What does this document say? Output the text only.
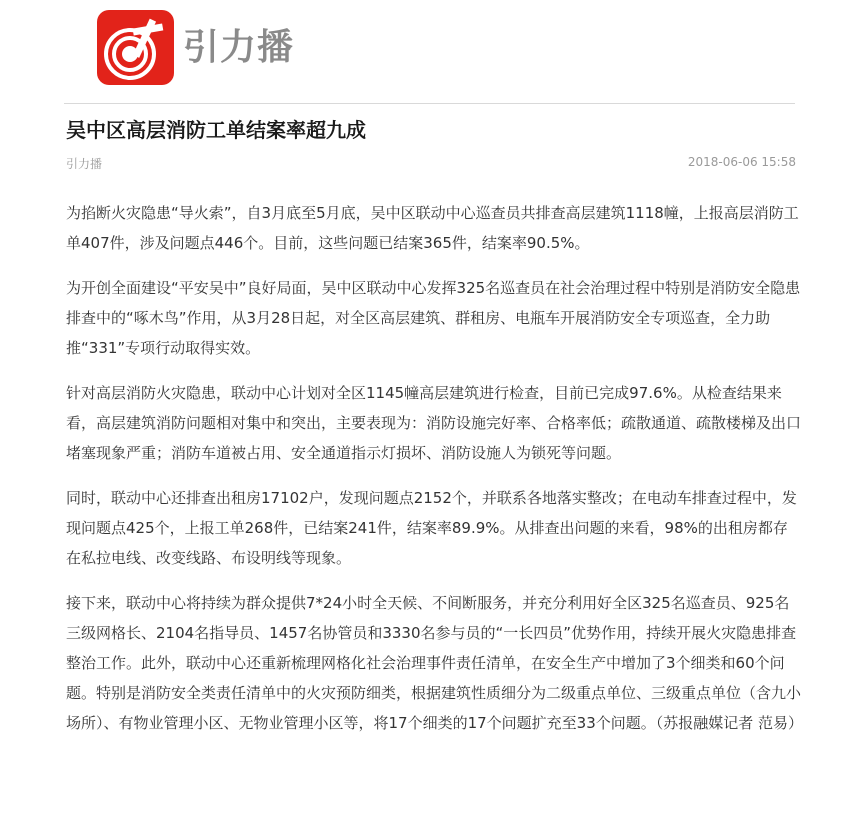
引力播
吴中区高层消防工单结案率超九成
引力播	2018-06-06 15:58

为掐断火灾隐患“导火索”，自3月底至5月底，吴中区联动中心巡查员共排查高层建筑1118幢，上报高层消防工单407件，涉及问题点446个。目前，这些问题已结案365件，结案率90.5%。

为开创全面建设“平安吴中”良好局面，吴中区联动中心发挥325名巡查员在社会治理过程中特别是消防安全隐患排查中的“啄木鸟”作用，从3月28日起，对全区高层建筑、群租房、电瓶车开展消防安全专项巡查，全力助推“331”专项行动取得实效。

针对高层消防火灾隐患，联动中心计划对全区1145幢高层建筑进行检查，目前已完成97.6%。从检查结果来看，高层建筑消防问题相对集中和突出，主要表现为：消防设施完好率、合格率低；疏散通道、疏散楼梯及出口堵塞现象严重；消防车道被占用、安全通道指示灯损坏、消防设施人为锁死等问题。

同时，联动中心还排查出租房17102户，发现问题点2152个，并联系各地落实整改；在电动车排查过程中，发现问题点425个，上报工单268件，已结案241件，结案率89.9%。从排查出问题的来看，98%的出租房都存在私拉电线、改变线路、布设明线等现象。

接下来，联动中心将持续为群众提供7*24小时全天候、不间断服务，并充分利用好全区325名巡查员、925名三级网格长、2104名指导员、1457名协管员和3330名参与员的“一长四员”优势作用，持续开展火灾隐患排查整治工作。此外，联动中心还重新梳理网格化社会治理事件责任清单，在安全生产中增加了3个细类和60个问题。特别是消防安全类责任清单中的火灾预防细类，根据建筑性质细分为二级重点单位、三级重点单位（含九小场所）、有物业管理小区、无物业管理小区等，将17个细类的17个问题扩充至33个问题。（苏报融媒记者 范易）
